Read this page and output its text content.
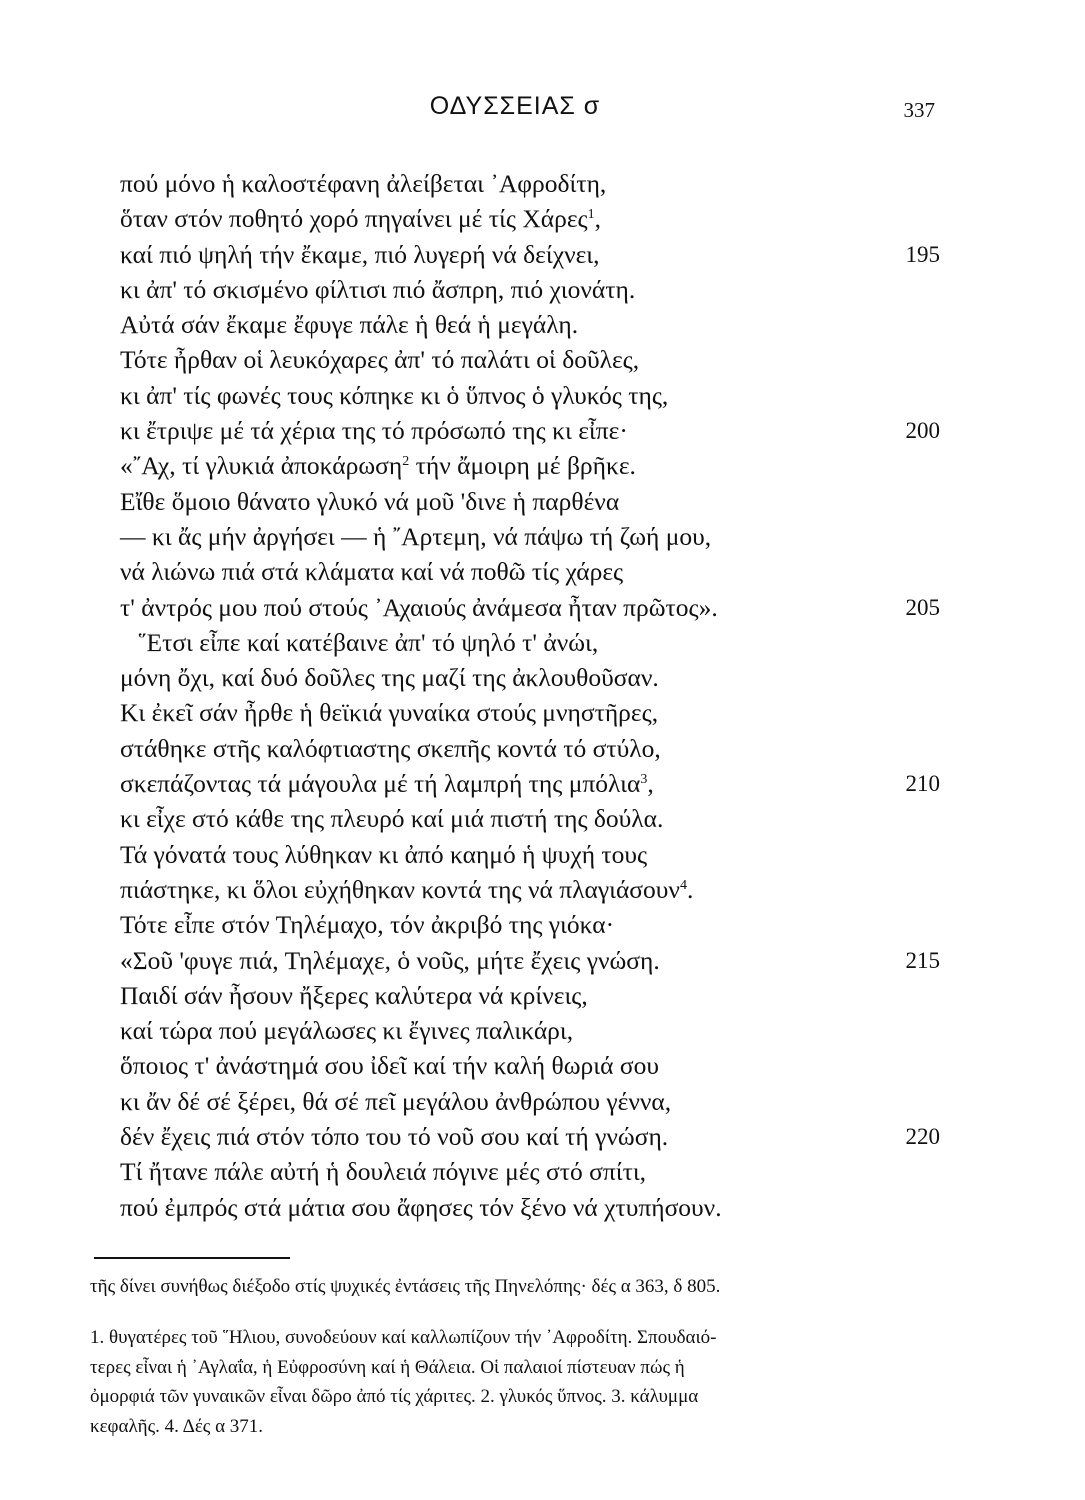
ΟΔΥΣΣΕΙΑΣ σ	337
πού μόνο ἡ καλοστέφανη ἀλείβεται ᾿Αφροδίτη,
ὅταν στόν ποθητό χορό πηγαίνει μέ τίς Χάρες$^1$,
καί πιό ψηλή τήν ἔκαμε, πιό λυγερή νά δείχνει,	195
κι ἀπ' τό σκισμένο φίλτισι πιό ἄσπρη, πιό χιονάτη.
Αὐτά σάν ἔκαμε ἔφυγε πάλε ἡ θεά ἡ μεγάλη.
Τότε ἦρθαν οἱ λευκόχαρες ἀπ' τό παλάτι οἱ δοῦλες,
κι ἀπ' τίς φωνές τους κόπηκε κι ὁ ὕπνος ὁ γλυκός της,
κι ἔτριψε μέ τά χέρια της τό πρόσωπό της κι εἶπε·	200
«῎Αχ, τί γλυκιά ἀποκάρωση$^2$ τήν ἄμοιρη μέ βρῆκε.
Εἴθε ὅμοιο θάνατο γλυκό νά μοῦ 'δινε ἡ παρθένα
— κι ἄς μήν ἀργήσει — ἡ ῎Αρτεμη, νά πάψω τή ζωή μου,
νά λιώνω πιά στά κλάματα καί νά ποθῶ τίς χάρες
τ' ἀντρός μου πού στούς ᾿Αχαιούς ἀνάμεσα ἦταν πρῶτος».	205
῞Ετσι εἶπε καί κατέβαινε ἀπ' τό ψηλό τ' ἀνώι,
μόνη ὄχι, καί δυό δοῦλες της μαζί της ἀκλουθοῦσαν.
Κι ἐκεῖ σάν ἦρθε ἡ θεϊκιά γυναίκα στούς μνηστῆρες,
στάθηκε στῆς καλόφτιαστης σκεπῆς κοντά τό στύλο,
σκεπάζοντας τά μάγουλα μέ τή λαμπρή της μπόλια$^3$,	210
κι εἶχε στό κάθε της πλευρό καί μιά πιστή της δούλα.
Τά γόνατά τους λύθηκαν κι ἀπό καημό ἡ ψυχή τους
πιάστηκε, κι ὅλοι εὐχήθηκαν κοντά της νά πλαγιάσουν$^4$.
Τότε εἶπε στόν Τηλέμαχο, τόν ἀκριβό της γιόκα·
«Σοῦ 'φυγε πιά, Τηλέμαχε, ὁ νοῦς, μήτε ἔχεις γνώση.	215
Παιδί σάν ἦσουν ἤξερες καλύτερα νά κρίνεις,
καί τώρα πού μεγάλωσες κι ἔγινες παλικάρι,
ὅποιος τ' ἀνάστημά σου ἰδεῖ καί τήν καλή θωριά σου
κι ἄν δέ σέ ξέρει, θά σέ πεῖ μεγάλου ἀνθρώπου γέννα,
δέν ἔχεις πιά στόν τόπο του τό νοῦ σου καί τή γνώση.	220
Τί ἤτανε πάλε αὐτή ἡ δουλειά πόγινε μές στό σπίτι,
πού ἐμπρός στά μάτια σου ἄφησες τόν ξένο νά χτυπήσουν.
τῆς δίνει συνήθως διέξοδο στίς ψυχικές ἐντάσεις τῆς Πηνελόπης· δές α 363, δ 805.
1. θυγατέρες τοῦ ῞Ηλιου, συνοδεύουν καί καλλωπίζουν τήν ᾿Αφροδίτη. Σπουδαιό-
τερες εἶναι ἡ ᾿Αγλαΐα, ἡ Εὐφροσύνη καί ἡ Θάλεια. Οἱ παλαιοί πίστευαν πώς ἡ
ὀμορφιά τῶν γυναικῶν εἶναι δῶρο ἀπό τίς χάριτες. 2. γλυκός ὕπνος. 3. κάλυμμα
κεφαλῆς. 4. Δές α 371.
